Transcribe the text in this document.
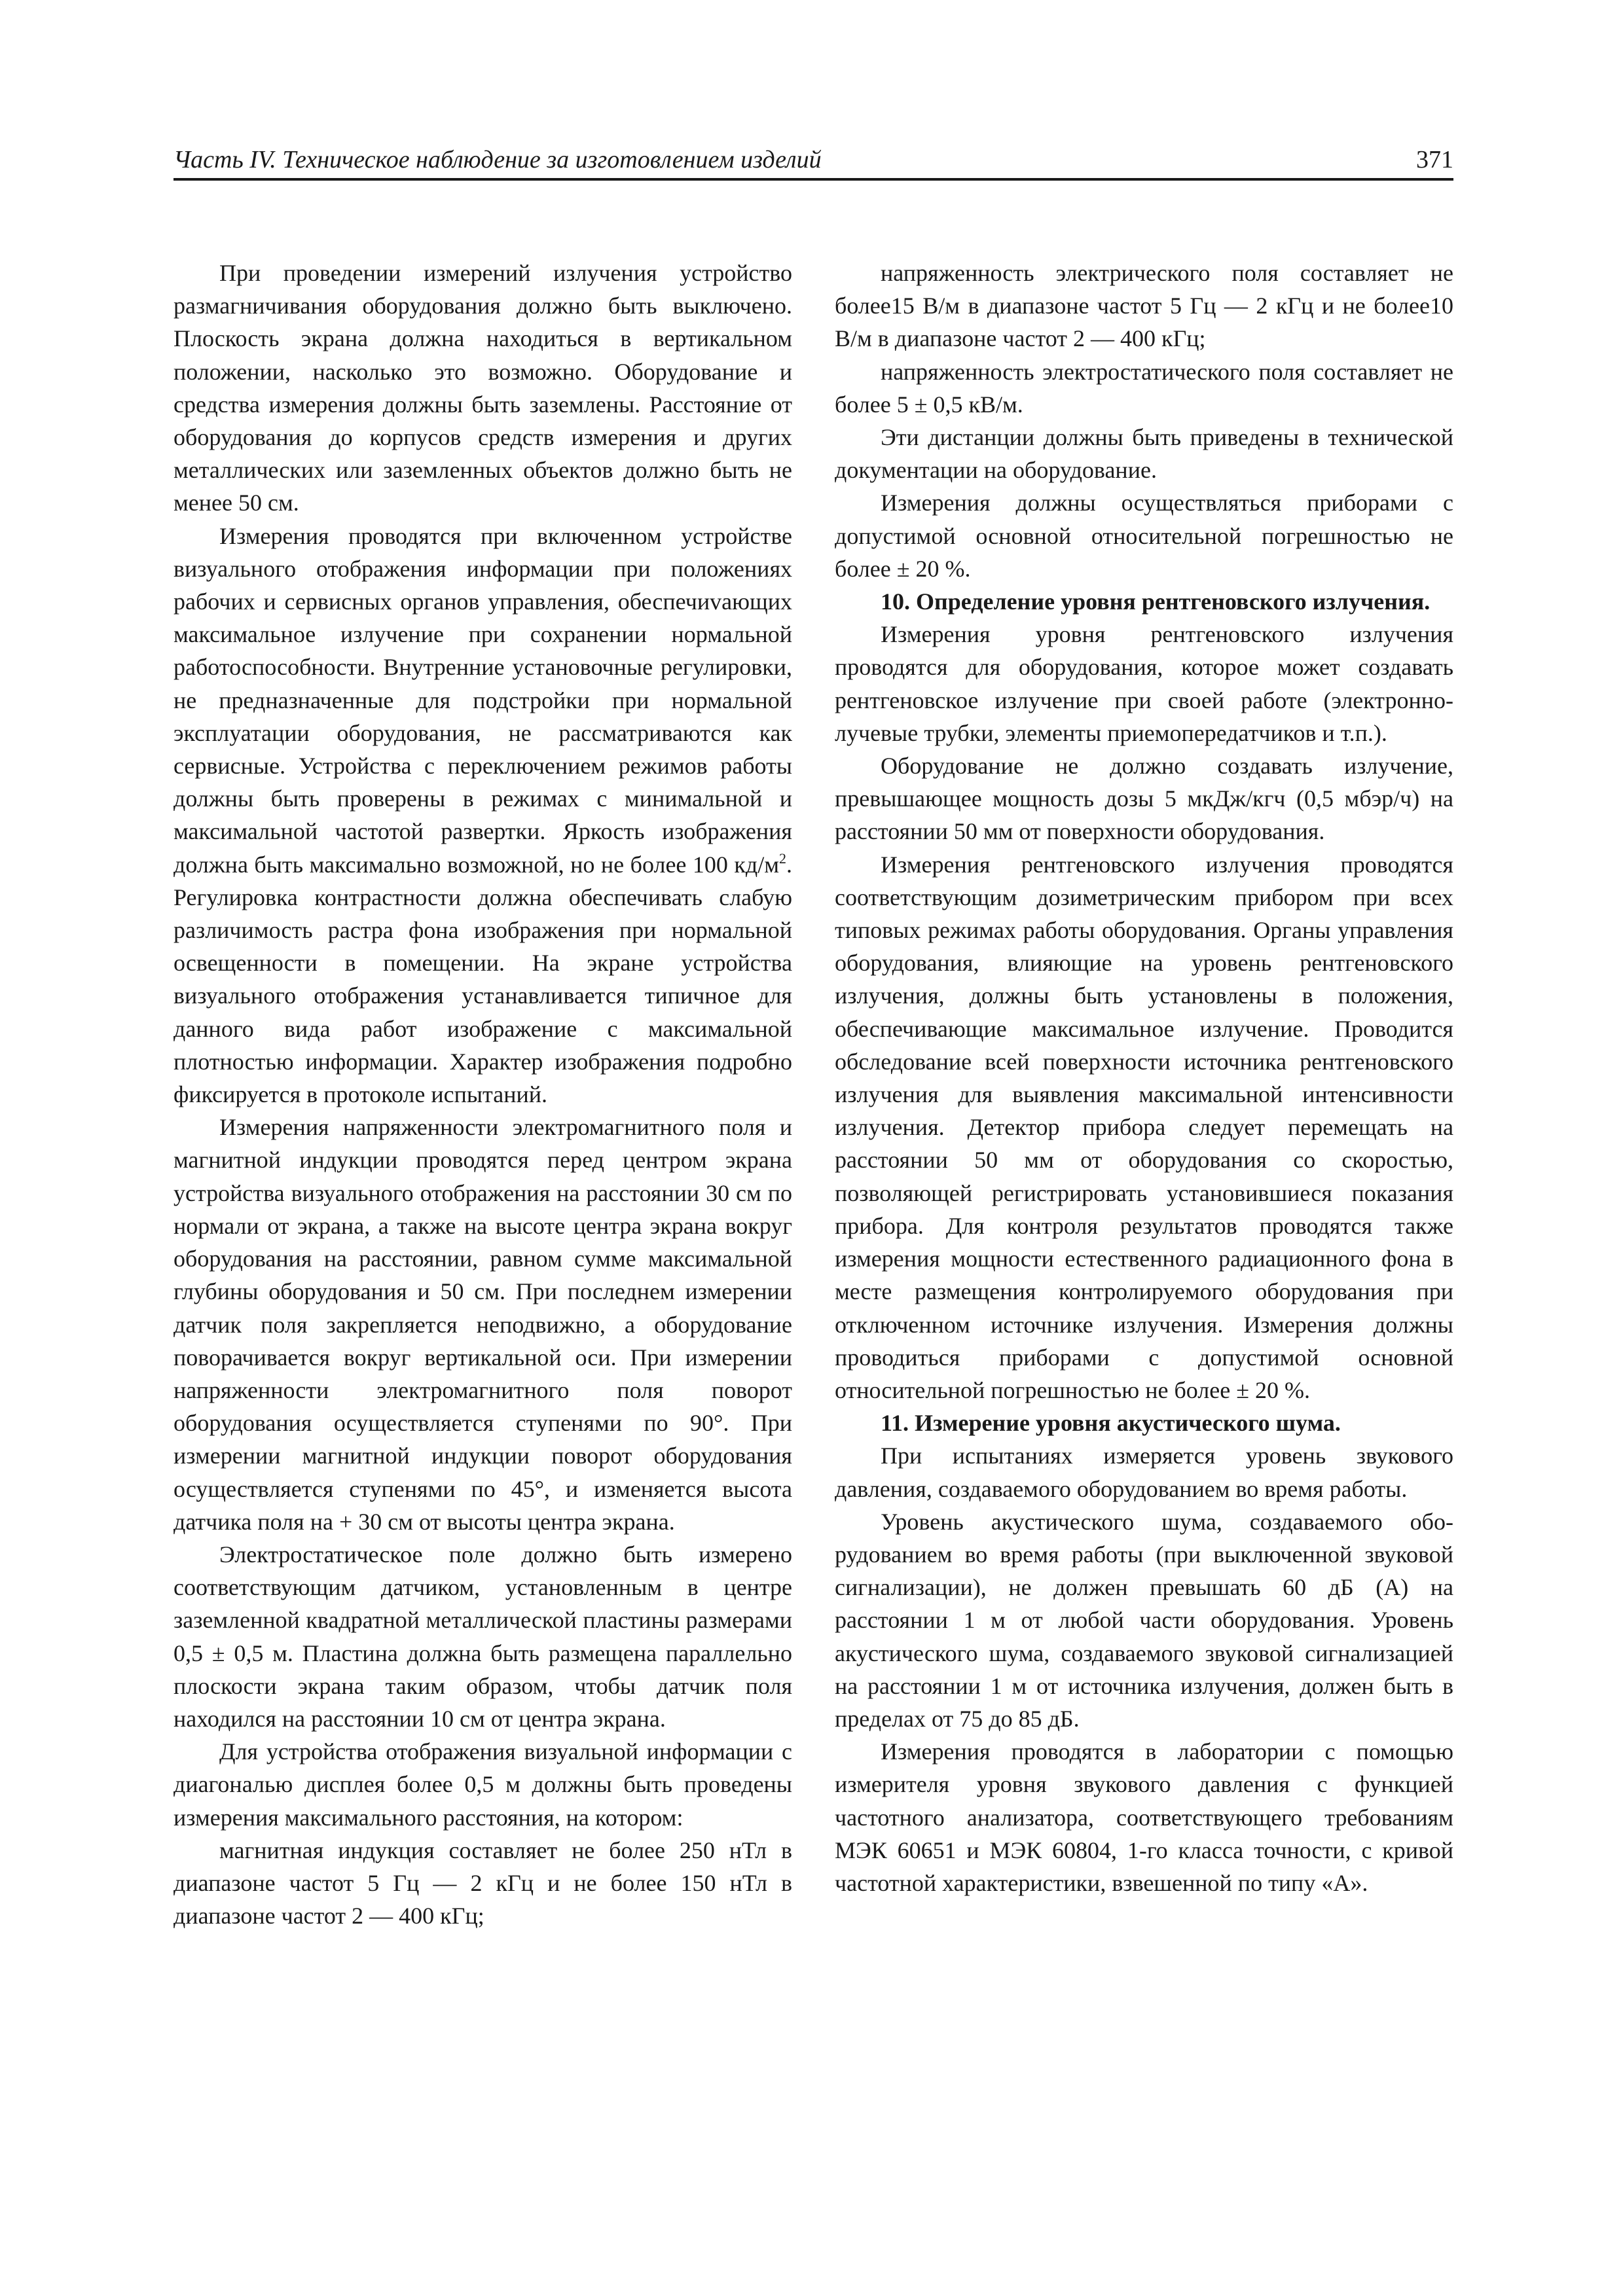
Часть IV. Техническое наблюдение за изготовлением изделий	371

При проведении измерений излучения устройство размагничивания оборудования должно быть выключено. Плоскость экрана должна находиться в вертикальном положении, насколько это возможно. Оборудование и средства измерения должны быть заземлены. Расстояние от оборудования до корпусов средств измерения и других металлических или заземленных объектов должно быть не менее 50 см.

Измерения проводятся при включенном устройстве визуального отображения информации при положениях рабочих и сервисных органов управления, обеспечиvающих максимальное излучение при сохранении нормальной работоспособности. Внутренние установочные регулировки, не предназначенные для подстройки при нормальной эксплуатации оборудования, не рассматриваются как сервисные. Устройства с переключением режимов работы должны быть проверены в режимах с минимальной и максимальной частотой развертки. Яркость изображения должна быть максимально возможной, но не более 100 $кд/м^2$. Регулировка контрастности должна обеспечивать слабую различимость растра фона изображения при нормальной освещенности в помещении. На экране устройства визуального отображения устанавливается типичное для данного вида работ изображение с максимальной плотностью информации. Характер изображения подробно фиксируется в протоколе испытаний.

Измерения напряженности электромагнитного поля и магнитной индукции проводятся перед центром экрана устройства визуального отображения на расстоянии 30 см по нормали от экрана, а также на высоте центра экрана вокруг оборудования на расстоянии, равном сумме максимальной глубины оборудования и 50 см. При последнем измерении датчик поля закрепляется неподвижно, а оборудование поворачивается вокруг вертикальной оси. При измерении напряженности электромагнитного поля поворот оборудования осуществляется ступенями по 90°. При измерении магнитной индукции поворот оборудования осуществляется ступенями по 45°, и изменяется высота датчика поля на + 30 см от высоты центра экрана.

Электростатическое поле должно быть измерено соответствующим датчиком, установленным в центре заземленной квадратной металлической пластины размерами 0,5 ± 0,5 м. Пластина должна быть размещена параллельно плоскости экрана таким образом, чтобы датчик поля находился на расстоянии 10 см от центра экрана.

Для устройства отображения визуальной информации с диагональю дисплея более 0,5 м должны быть проведены измерения максимального расстояния, на котором:

магнитная индукция составляет не более 250 нТл в диапазоне частот 5 Гц — 2 кГц и не более 150 нТл в диапазоне частот 2 — 400 кГц;

напряженность электрического поля составляет не более15 В/м в диапазоне частот 5 Гц — 2 кГц и не более10 В/м в диапазоне частот 2 — 400 кГц;

напряженность электростатического поля составляет не более 5 ± 0,5 кВ/м.

Эти дистанции должны быть приведены в технической документации на оборудование.

Измерения должны осуществляться приборами с допустимой основной относительной погрешностью не более ± 20 %.

10. Определение уровня рентгеновского излучения.

Измерения уровня рентгеновского излучения проводятся для оборудования, которое может создавать рентгеновское излучение при своей работе (электронно-лучевые трубки, элементы приемопередатчиков и т.п.).

Оборудование не должно создавать излучение, превышающее мощность дозы 5 мкДж/кгч (0,5 мбэр/ч) на расстоянии 50 мм от поверхности оборудования.

Измерения рентгеновского излучения проводятся соответствующим дозиметрическим прибором при всех типовых режимах работы оборудования. Органы управления оборудования, влияющие на уровень рентгеновского излучения, должны быть установлены в положения, обеспечивающие максимальное излучение. Проводится обследование всей поверхности источника рентгеновского излучения для выявления максимальной интенсивности излучения. Детектор прибора следует перемещать на расстоянии 50 мм от оборудования со скоростью, позволяющей регистрировать установившиеся показания прибора. Для контроля результатов проводятся также измерения мощности естественного радиационного фона в месте размещения контролируемого оборудования при отключенном источнике излучения. Измерения должны проводиться приборами с допустимой основной относительной погрешностью не более ± 20 %.

11. Измерение уровня акустического шума.

При испытаниях измеряется уровень звукового давления, создаваемого оборудованием во время работы.

Уровень акустического шума, создаваемого оборудованием во время работы (при выключенной звуковой сигнализации), не должен превышать 60 дБ (А) на расстоянии 1 м от любой части оборудования. Уровень акустического шума, создаваемого звуковой сигнализацией на расстоянии 1 м от источника излучения, должен быть в пределах от 75 до 85 дБ.

Измерения проводятся в лаборатории с помощью измерителя уровня звукового давления с функцией частотного анализатора, соответствующего требованиям МЭК 60651 и МЭК 60804, 1-го класса точности, с кривой частотной характеристики, взвешенной по типу «А».
